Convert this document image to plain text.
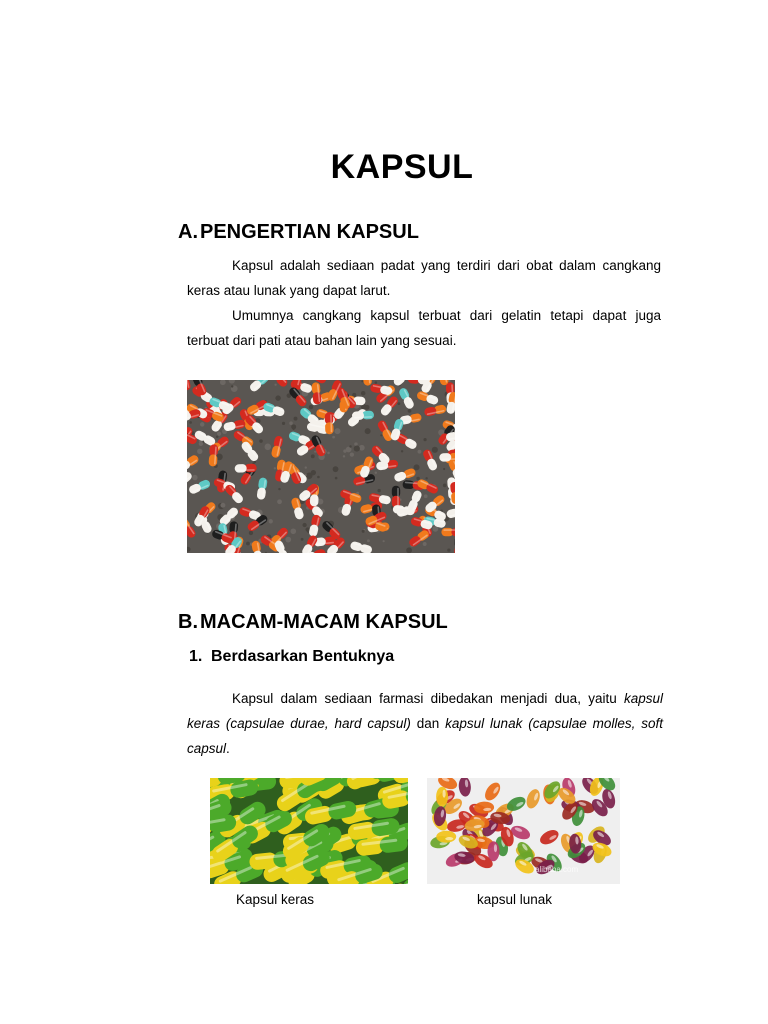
KAPSUL
A. PENGERTIAN KAPSUL
Kapsul adalah sediaan padat yang terdiri dari obat dalam cangkang keras atau lunak yang dapat larut.
Umumnya cangkang kapsul terbuat dari gelatin tetapi dapat juga terbuat dari pati atau bahan lain yang sesuai.
B. MACAM-MACAM KAPSUL
1. Berdasarkan Bentuknya
Kapsul dalam sediaan farmasi dibedakan menjadi dua, yaitu kapsul keras (capsulae durae, hard capsul) dan kapsul lunak (capsulae molles, soft capsul.
alibaba.com
Kapsul keras	kapsul lunak
